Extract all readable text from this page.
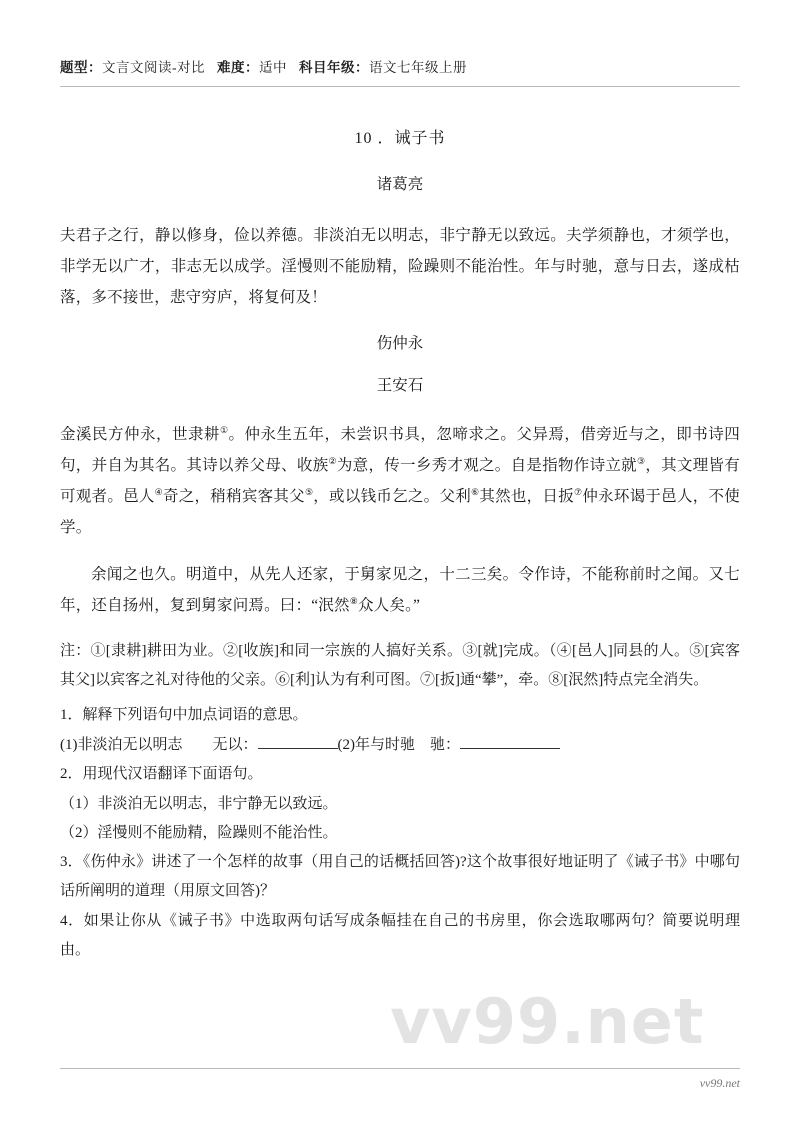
题型：文言文阅读-对比 难度：适中 科目年级：语文七年级上册
10 ．诫子书
诸葛亮
夫君子之行，静以修身，俭以养德。非淡泊无以明志，非宁静无以致远。夫学须静也，才须学也，非学无以广才，非志无以成学。淫慢则不能励精，险躁则不能治性。年与时驰，意与日去，遂成枯落，多不接世，悲守穷庐，将复何及！
伤仲永
王安石
金溪民方仲永，世隶耕①。仲永生五年，未尝识书具，忽啼求之。父异焉，借旁近与之，即书诗四句，并自为其名。其诗以养父母、收族②为意，传一乡秀才观之。自是指物作诗立就③，其文理皆有可观者。邑人④奇之，稍稍宾客其父⑤，或以钱币乞之。父利⑥其然也，日扳⑦仲永环谒于邑人，不使学。
余闻之也久。明道中，从先人还家，于舅家见之，十二三矣。令作诗，不能称前时之闻。又七年，还自扬州，复到舅家问焉。曰：“泯然⑧众人矣。”
注：①[隶耕]耕田为业。②[收族]和同一宗族的人搞好关系。③[就]完成。（④[邑人]同县的人。⑤[宾客其父]以宾客之礼对待他的父亲。⑥[利]认为有利可图。⑦[扳]通“攀”，牵。⑧[泯然]特点完全消失。
1．解释下列语句中加点词语的意思。
(1)非淡泊无以明志　　无以：	(2)年与时驰　驰：
2．用现代汉语翻译下面语句。
（1）非淡泊无以明志，非宁静无以致远。
（2）淫慢则不能励精，险躁则不能治性。
3．《伤仲永》讲述了一个怎样的故事（用自己的话概括回答)?这个故事很好地证明了《诫子书》中哪句话所阐明的道理（用原文回答)？
4．如果让你从《诫子书》中选取两句话写成条幅挂在自己的书房里，你会选取哪两句？简要说明理由。
vv99.net
vv99.net
